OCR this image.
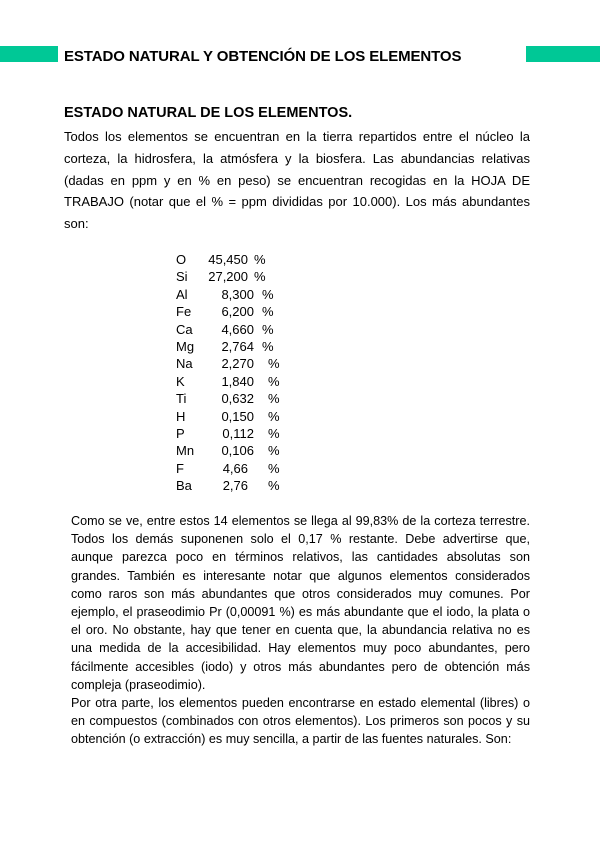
ESTADO NATURAL Y OBTENCIÓN DE LOS ELEMENTOS
ESTADO NATURAL DE LOS ELEMENTOS.

Todos los elementos se encuentran en la tierra repartidos entre el núcleo la corteza, la hidrosfera, la atmósfera y la biosfera. Las abundancias relativas (dadas en ppm y en % en peso) se encuentran recogidas en la HOJA DE TRABAJO (notar que el % = ppm divididas por 10.000). Los más abundantes son:

O	45,450 %
Si	27,200 %
Al	8,300 %
Fe	6,200 %
Ca	4,660 %
Mg	2,764 %
Na	2,270	%
K	1,840	%
Ti	0,632	%
H	0,150	%
P	0,112	%
Mn	0,106	%
F	4,66	%
Ba	2,76	%

Como se ve, entre estos 14 elementos se llega al 99,83% de la corteza terrestre. Todos los demás suponenen solo el 0,17 % restante. Debe advertirse que, aunque parezca poco en términos relativos, las cantidades absolutas son grandes. También es interesante notar que algunos elementos considerados como raros son más abundantes que otros considerados muy comunes. Por ejemplo, el praseodimio Pr (0,00091 %) es más abundante que el iodo, la plata o el oro. No obstante, hay que tener en cuenta que, la abundancia relativa no es una medida de la accesibilidad. Hay elementos muy poco abundantes, pero fácilmente accesibles (iodo) y otros más abundantes pero de obtención más compleja (praseodimio).

Por otra parte, los elementos pueden encontrarse en estado elemental (libres) o en compuestos (combinados con otros elementos). Los primeros son pocos y su obtención (o extracción) es muy sencilla, a partir de las fuentes naturales. Son:
